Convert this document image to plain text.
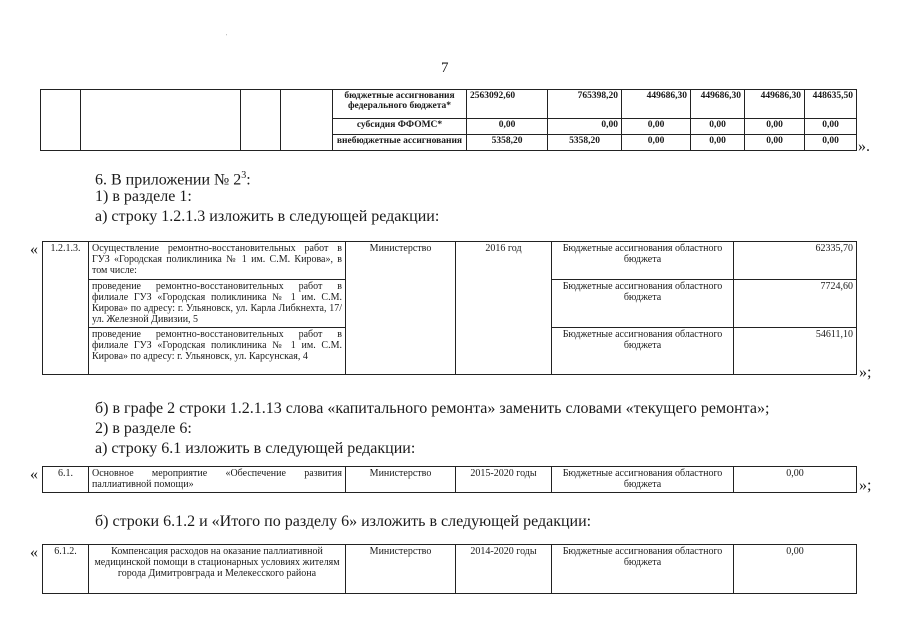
'
7
				бюджетные ассигнования федерального бюджета*	2563092,60	765398,20	449686,30	449686,30	449686,30	448635,50
				субсидия ФФОМС*	0,00	0,00	0,00	0,00	0,00	0,00
				внебюджетные ассигнования	5358,20	5358,20	0,00	0,00	0,00	0,00 ».
6. В приложении № $2^3$:
1) в разделе 1:
а) строку 1.2.1.3 изложить в следующей редакции:
« 1.2.1.3.	Осуществление ремонтно-восстановительных работ в ГУЗ «Городская поликлиника № 1 им. С.М. Кирова», в том числе:	Министерство	2016 год	Бюджетные ассигнования областного бюджета	62335,70
	проведение ремонтно-восстановительных работ в филиале ГУЗ «Городская поликлиника № 1 им. С.М. Кирова» по адресу: г. Ульяновск, ул. Карла Либкнехта, 17/ул. Железной Дивизии, 5			Бюджетные ассигнования областного бюджета	7724,60
	проведение ремонтно-восстановительных работ в филиале ГУЗ «Городская поликлиника № 1 им. С.М. Кирова» по адресу: г. Ульяновск, ул. Карсунская, 4			Бюджетные ассигнования областного бюджета	54611,10
»;
б) в графе 2 строки 1.2.1.13 слова «капитального ремонта» заменить словами «текущего ремонта»;
2) в разделе 6:
а) строку 6.1 изложить в следующей редакции:
« 6.1.	Основное мероприятие «Обеспечение развития паллиативной помощи»	Министерство	2015-2020 годы	Бюджетные ассигнования областного бюджета	0,00
»;
б) строки 6.1.2 и «Итого по разделу 6» изложить в следующей редакции:
« 6.1.2.	Компенсация расходов на оказание паллиативной медицинской помощи в стационарных условиях жителям города Димитровграда и Мелекесского района	Министерство	2014-2020 годы	Бюджетные ассигнования областного бюджета	0,00
